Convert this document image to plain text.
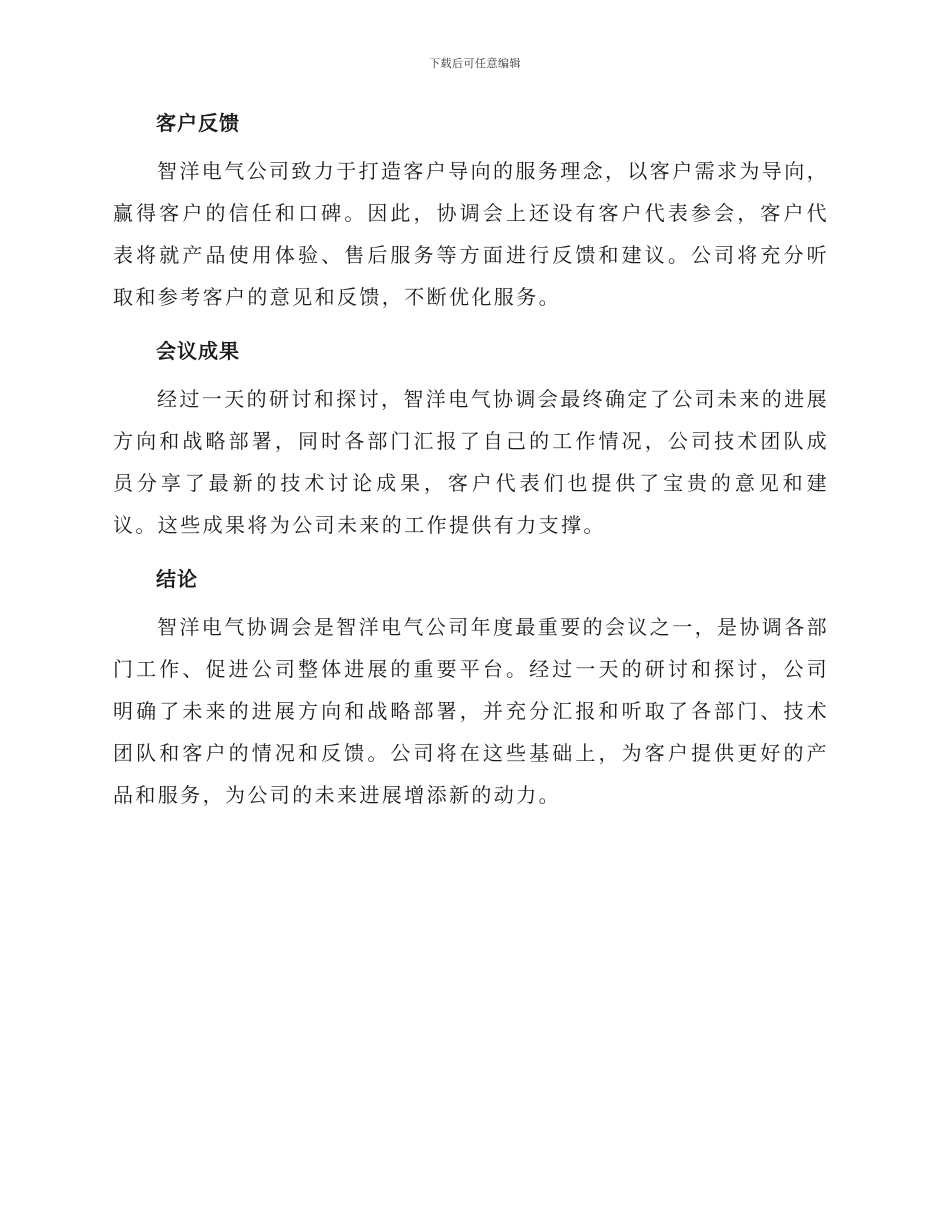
下载后可任意编辑
客户反馈

智洋电气公司致力于打造客户导向的服务理念，以客户需求为导向，赢得客户的信任和口碑。因此，协调会上还设有客户代表参会，客户代表将就产品使用体验、售后服务等方面进行反馈和建议。公司将充分听取和参考客户的意见和反馈，不断优化服务。

会议成果

经过一天的研讨和探讨，智洋电气协调会最终确定了公司未来的进展方向和战略部署，同时各部门汇报了自己的工作情况，公司技术团队成员分享了最新的技术讨论成果，客户代表们也提供了宝贵的意见和建议。这些成果将为公司未来的工作提供有力支撑。

结论

智洋电气协调会是智洋电气公司年度最重要的会议之一，是协调各部门工作、促进公司整体进展的重要平台。经过一天的研讨和探讨，公司明确了未来的进展方向和战略部署，并充分汇报和听取了各部门、技术团队和客户的情况和反馈。公司将在这些基础上，为客户提供更好的产品和服务，为公司的未来进展增添新的动力。
